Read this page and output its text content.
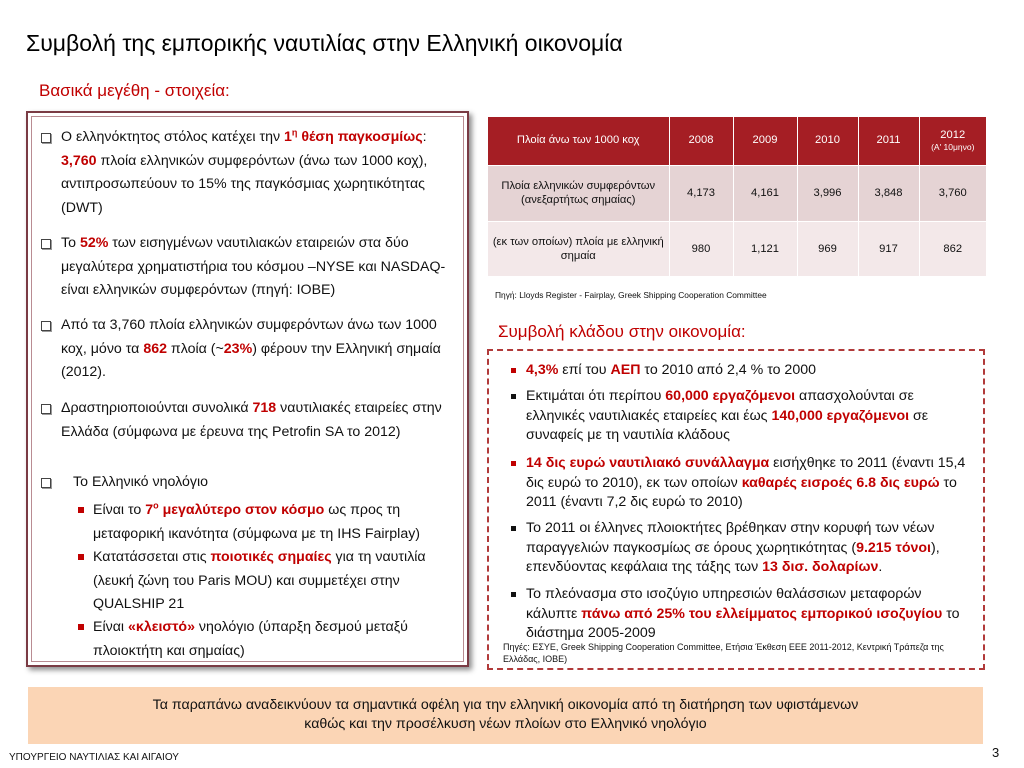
Συμβολή της εμπορικής ναυτιλίας στην Ελληνική οικονομία
Βασικά μεγέθη - στοιχεία:
Ο ελληνόκτητος στόλος κατέχει την $1^\eta$ θέση παγκοσμίως: 3,760 πλοία ελληνικών συμφερόντων (άνω των 1000 κοχ), αντιπροσωπεύουν το 15% της παγκόσμιας χωρητικότητας (DWT)
Το 52% των εισηγμένων ναυτιλιακών εταιρειών στα δύο μεγαλύτερα χρηματιστήρια του κόσμου –NYSE και NASDAQ- είναι ελληνικών συμφερόντων (πηγή: IOBE)
Από τα 3,760 πλοία ελληνικών συμφερόντων άνω των 1000 κοχ, μόνο τα 862 πλοία (~23%) φέρουν την Ελληνική σημαία (2012).
Δραστηριοποιούνται συνολικά 718 ναυτιλιακές εταιρείες στην Ελλάδα (σύμφωνα με έρευνα της Petrofin SA το 2012)
Το Ελληνικό νηολόγιο
Είναι το $7^o$ μεγαλύτερο στον κόσμο ως προς τη μεταφορική ικανότητα (σύμφωνα με τη IHS Fairplay)
Κατατάσσεται στις ποιοτικές σημαίες για τη ναυτιλία (λευκή ζώνη του Paris MOU) και συμμετέχει στην QUALSHIP 21
Είναι «κλειστό» νηολόγιο (ύπαρξη δεσμού μεταξύ πλοιοκτήτη και σημαίας)
Πλοία άνω των 1000 κοχ	2008	2009	2010	2011	2012
(Α' 10μηνο)

Πλοία ελληνικών συμφερόντων (ανεξαρτήτως σημαίας)	4,173	4,161	3,996	3,848	3,760
(εκ των οποίων) πλοία με ελληνική σημαία	980	1,121	969	917	862
Πηγή: Lloyds Register - Fairplay, Greek Shipping Cooperation Committee
Συμβολή κλάδου στην οικονομία:
4,3% επί του ΑΕΠ το 2010 από 2,4 % το 2000
Εκτιμάται ότι περίπου 60,000 εργαζόμενοι απασχολούνται σε ελληνικές ναυτιλιακές εταιρείες και έως 140,000 εργαζόμενοι σε συναφείς με τη ναυτιλία κλάδους
14 δις ευρώ ναυτιλιακό συνάλλαγμα εισήχθηκε το 2011 (έναντι 15,4 δις ευρώ το 2010), εκ των οποίων καθαρές εισροές 6.8 δις ευρώ το 2011 (έναντι 7,2 δις ευρώ το 2010)
Το 2011 οι έλληνες πλοιοκτήτες βρέθηκαν στην κορυφή των νέων παραγγελιών παγκοσμίως σε όρους χωρητικότητας (9.215 τόνοι), επενδύοντας κεφάλαια της τάξης των 13 δισ. δολαρίων.
Το πλεόνασμα στο ισοζύγιο υπηρεσιών θαλάσσιων μεταφορών κάλυπτε πάνω από 25% του ελλείμματος εμπορικού ισοζυγίου το διάστημα 2005-2009
Πηγές: ΕΣΥΕ, Greek Shipping Cooperation Committee, Ετήσια Έκθεση ΕΕΕ 2011-2012, Κεντρική Τράπεζα της Ελλάδας, IOBE)
Τα παραπάνω αναδεικνύουν τα σημαντικά οφέλη για την ελληνική οικονομία από τη διατήρηση των υφιστάμενων
καθώς και την προσέλκυση νέων πλοίων στο Ελληνικό νηολόγιο
ΥΠΟΥΡΓΕΙΟ ΝΑΥΤΙΛΙΑΣ ΚΑΙ ΑΙΓΑΙΟΥ	3
